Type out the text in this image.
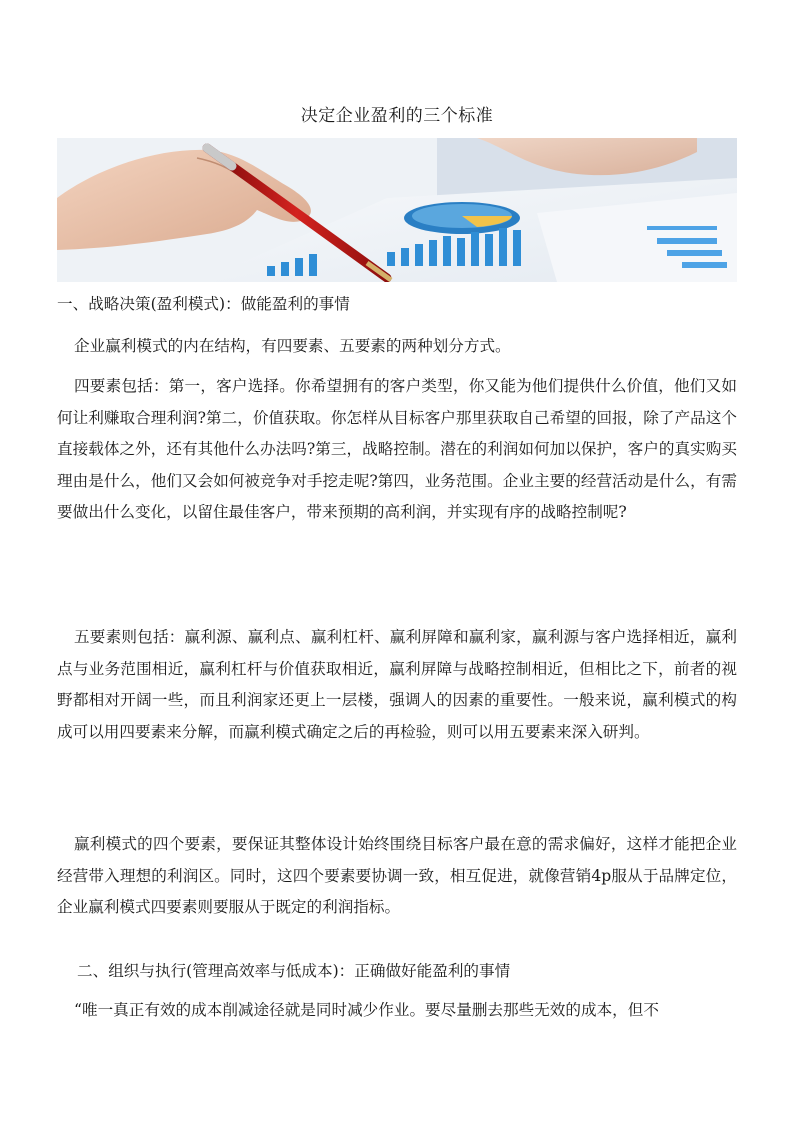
决定企业盈利的三个标准

一、战略决策(盈利模式)：做能盈利的事情

企业赢利模式的内在结构，有四要素、五要素的两种划分方式。

四要素包括：第一，客户选择。你希望拥有的客户类型，你又能为他们提供什么价值，他们又如何让利赚取合理利润?第二，价值获取。你怎样从目标客户那里获取自己希望的回报，除了产品这个直接载体之外，还有其他什么办法吗?第三，战略控制。潜在的利润如何加以保护，客户的真实购买理由是什么，他们又会如何被竞争对手挖走呢?第四，业务范围。企业主要的经营活动是什么，有需要做出什么变化，以留住最佳客户，带来预期的高利润，并实现有序的战略控制呢?

五要素则包括：赢利源、赢利点、赢利杠杆、赢利屏障和赢利家，赢利源与客户选择相近，赢利点与业务范围相近，赢利杠杆与价值获取相近，赢利屏障与战略控制相近，但相比之下，前者的视野都相对开阔一些，而且利润家还更上一层楼，强调人的因素的重要性。一般来说，赢利模式的构成可以用四要素来分解，而赢利模式确定之后的再检验，则可以用五要素来深入研判。

赢利模式的四个要素，要保证其整体设计始终围绕目标客户最在意的需求偏好，这样才能把企业经营带入理想的利润区。同时，这四个要素要协调一致，相互促进，就像营销4p服从于品牌定位，企业赢利模式四要素则要服从于既定的利润指标。

二、组织与执行(管理高效率与低成本)：正确做好能盈利的事情

“唯一真正有效的成本削减途径就是同时减少作业。要尽量删去那些无效的成本，但不
